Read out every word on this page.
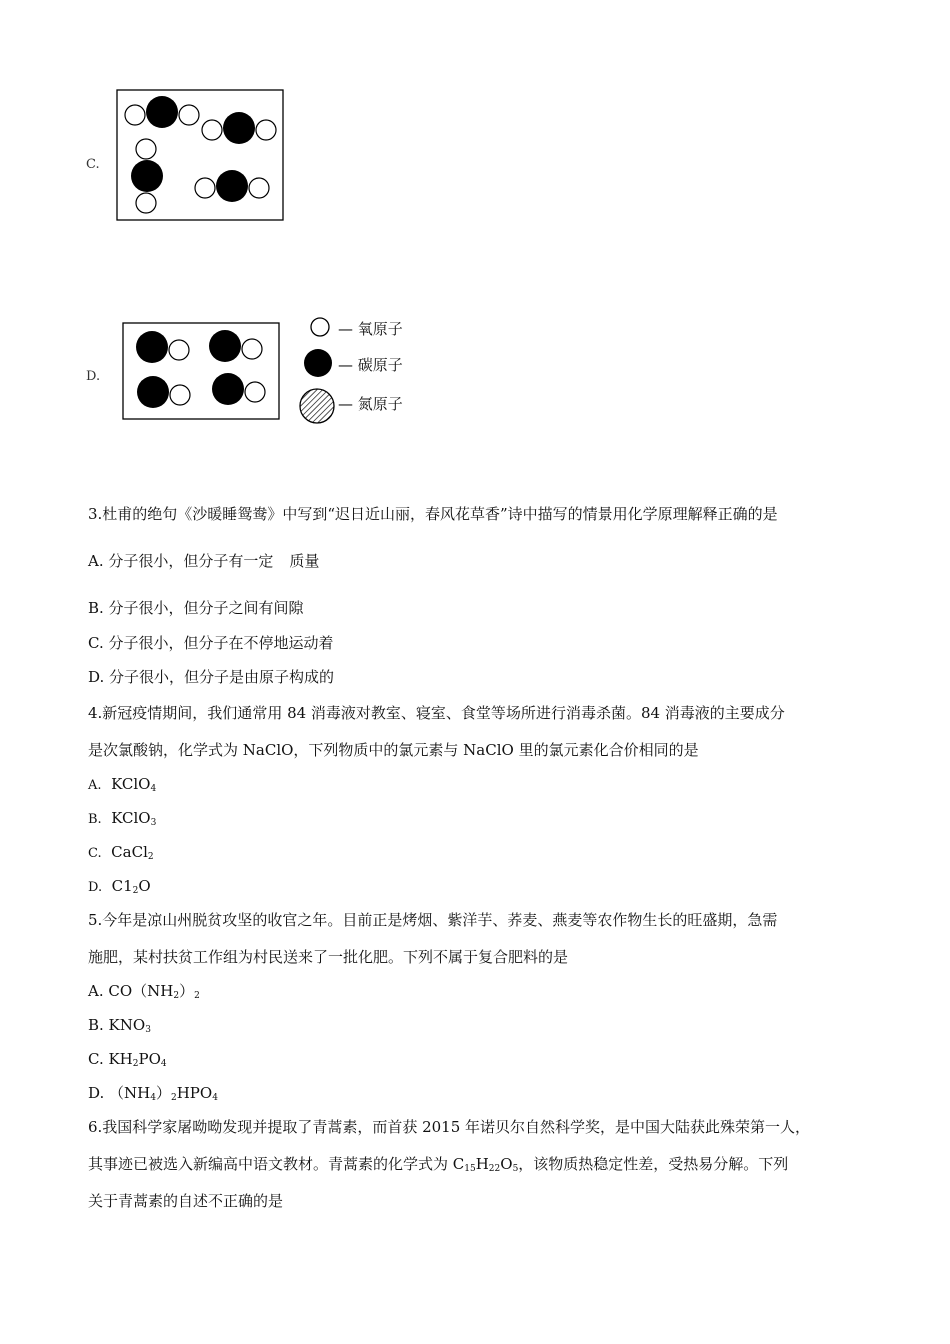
C.
D.
— 氧原子
— 碳原子
— 氮原子
3.杜甫的绝句《沙暖睡鸳鸯》中写到“迟日近山丽，春风花草香”诗中描写的情景用化学原理解释正确的是
A. 分子很小，但分子有一定 质量
B. 分子很小，但分子之间有间隙
C. 分子很小，但分子在不停地运动着
D. 分子很小，但分子是由原子构成的
4.新冠疫情期间，我们通常用 84 消毒液对教室、寝室、食堂等场所进行消毒杀菌。84 消毒液的主要成分
是次氯酸钠，化学式为 NaClO，下列物质中的氯元素与 NaClO 里的氯元素化合价相同的是
A. KClO$_4$
B. KClO$_3$
C. CaCl$_2$
D. $C1_2O$
5.今年是凉山州脱贫攻坚的收官之年。目前正是烤烟、紫洋芋、荞麦、燕麦等农作物生长的旺盛期，急需
施肥，某村扶贫工作组为村民送来了一批化肥。下列不属于复合肥料的是
A. $CO(NH_2)_2$
B. $KNO_3$
C. $KH_2PO_4$
D. $(NH_4)_2HPO_4$
6.我国科学家屠呦呦发现并提取了青蒿素，而首获 2015 年诺贝尔自然科学奖，是中国大陆获此殊荣第一人，
其事迹已被选入新编高中语文教材。青蒿素的化学式为 $C_{15}H_{22}O_5$，该物质热稳定性差，受热易分解。下列
关于青蒿素的自述不正确的是
